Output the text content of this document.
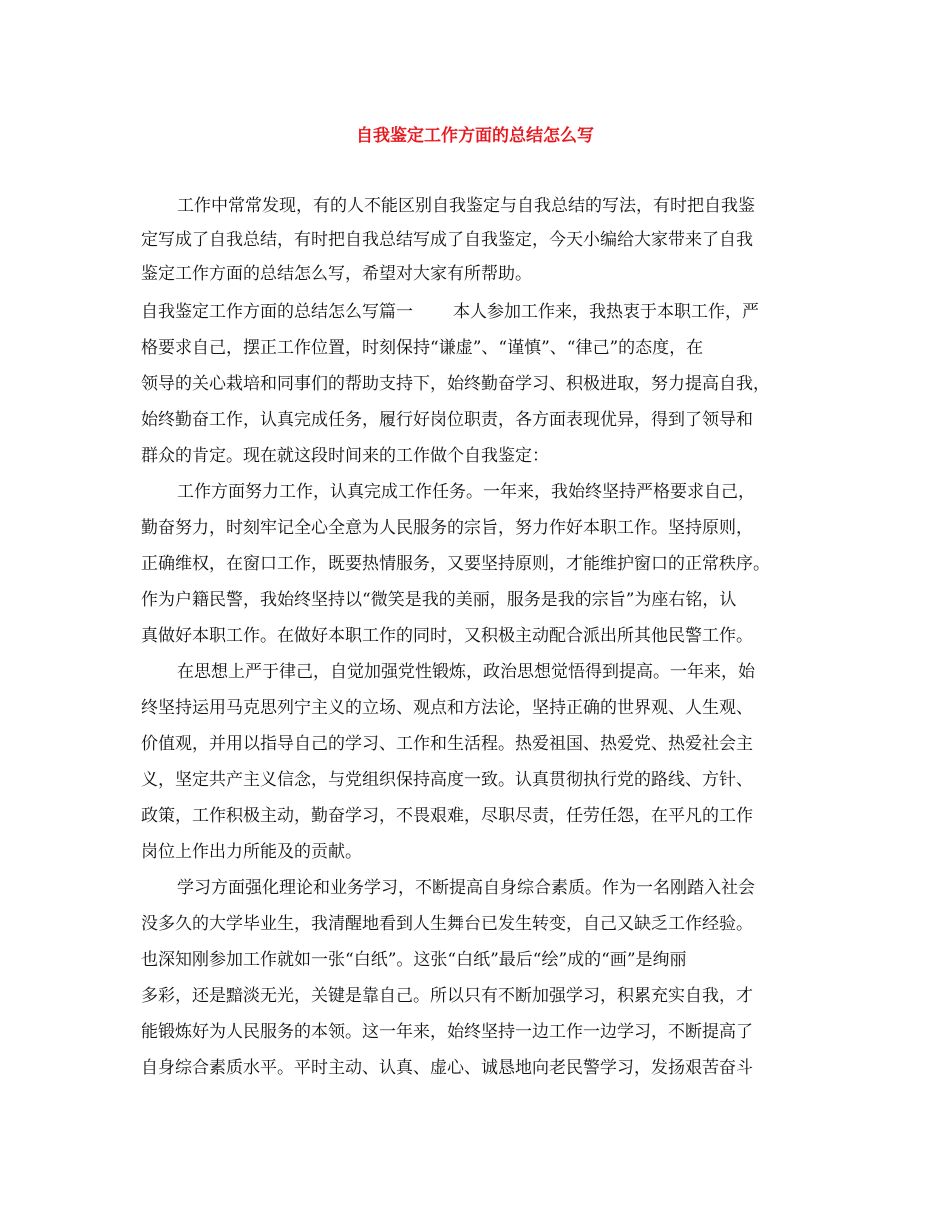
自我鉴定工作方面的总结怎么写
工作中常常发现，有的人不能区别自我鉴定与自我总结的写法，有时把自我鉴
定写成了自我总结，有时把自我总结写成了自我鉴定，今天小编给大家带来了自我
鉴定工作方面的总结怎么写，希望对大家有所帮助。
自我鉴定工作方面的总结怎么写篇一 本人参加工作来，我热衷于本职工作，严
格要求自己，摆正工作位置，时刻保持“谦虚”、“谨慎”、“律己”的态度，在
领导的关心栽培和同事们的帮助支持下，始终勤奋学习、积极进取，努力提高自我，
始终勤奋工作，认真完成任务，履行好岗位职责，各方面表现优异，得到了领导和
群众的肯定。现在就这段时间来的工作做个自我鉴定：
工作方面努力工作，认真完成工作任务。一年来，我始终坚持严格要求自己，
勤奋努力，时刻牢记全心全意为人民服务的宗旨，努力作好本职工作。坚持原则，
正确维权，在窗口工作，既要热情服务，又要坚持原则，才能维护窗口的正常秩序。
作为户籍民警，我始终坚持以“微笑是我的美丽，服务是我的宗旨”为座右铭，认
真做好本职工作。在做好本职工作的同时，又积极主动配合派出所其他民警工作。
在思想上严于律己，自觉加强党性锻炼，政治思想觉悟得到提高。一年来，始
终坚持运用马克思列宁主义的立场、观点和方法论，坚持正确的世界观、人生观、
价值观，并用以指导自己的学习、工作和生活程。热爱祖国、热爱党、热爱社会主
义，坚定共产主义信念，与党组织保持高度一致。认真贯彻执行党的路线、方针、
政策，工作积极主动，勤奋学习，不畏艰难，尽职尽责，任劳任怨，在平凡的工作
岗位上作出力所能及的贡献。
学习方面强化理论和业务学习，不断提高自身综合素质。作为一名刚踏入社会
没多久的大学毕业生，我清醒地看到人生舞台已发生转变，自己又缺乏工作经验。
也深知刚参加工作就如一张“白纸”。这张“白纸”最后“绘”成的“画”是绚丽
多彩，还是黯淡无光，关键是靠自己。所以只有不断加强学习，积累充实自我，才
能锻炼好为人民服务的本领。这一年来，始终坚持一边工作一边学习，不断提高了
自身综合素质水平。平时主动、认真、虚心、诚恳地向老民警学习，发扬艰苦奋斗
